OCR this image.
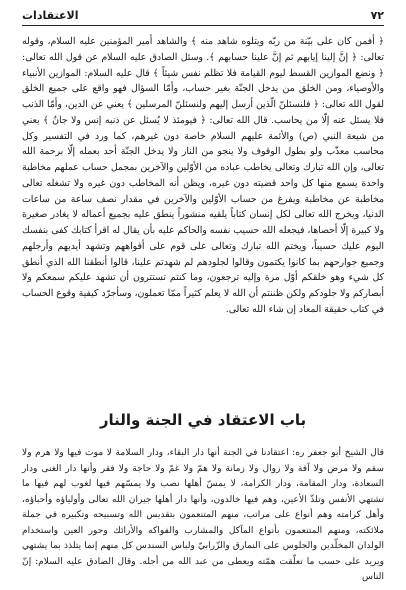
٧٢
الاعتقادات

﴿ أفمن كان على بيّنة من ربّه ويتلوه شاهد منه ﴾ والشاهد أمير المؤمنين عليه السلام، وقوله تعالى: ﴿ إنَّ إلينا إيابهم ثم إنَّ علينا حسابهم ﴾. وسئل الصادق عليه السلام عن قول الله تعالى: ﴿ ونضع الموازين القسط ليوم القيامة فلا تظلم نفس شيئاً ﴾ قال عليه السلام: الموازين الأنبياء والأوصياء، ومن الخلق من يدخل الجنّة بغير حساب، وأمّا السؤال فهو واقع على جميع الخلق لقول الله تعالى: ﴿ فلنسئلنّ الّذين أرسل إليهم ولنسئلنّ المرسلين ﴾ يعني عن الدين، وأمّا الذنب فلا يسئل عنه إلّا من يحاسب. قال الله تعالى: ﴿ فيومئذ لا يُسئل عن ذنبه إنس ولا جانٌ ﴾ يعني من شيعة النبي (ص) والأئمة عليهم السلام خاصة دون غيرهم، كما ورد في التفسير وكل محاسب معذّب ولو بطول الوقوف ولا ينجو من النار ولا يدخل الجنّة أحد بعمله إلّا برحمة الله تعالى، وإن الله تبارك وتعالى يخاطب عباده من الأوّلين والآخرين بمجمل حساب عملهم مخاطبة واحدة يسمع منها كل واحد قضيته دون غيره، ويظن أنه المخاطب دون غيره ولا تشغله تعالى مخاطبة عن مخاطبة ويفرغ من حساب الأوّلين والآخرين في مقدار نصف ساعة من ساعات الدنيا، ويخرج الله تعالى لكل إنسان كتاباً يلقيه منشوراً ينطق عليه بجميع أعماله لا يغادر صغيرة ولا كبيرة إلّا أحصاها، فيجعله الله حسيب نفسه والحاكم عليه بأن يقال له اقرأ كتابك كفى بنفسك اليوم عليك حسيباً، ويختم الله تبارك وتعالى على قوم على أفواههم وتشهد أيديهم وأرجلهم وجميع جوارحهم بما كانوا يكتمون وقالوا لجلودهم لم شهدتم علينا، قالوا أنطقنا الله الذي أنطق كل شيء وهو خلقكم أوّل مرة وإليه ترجعون، وما كنتم تستترون أن تشهد عليكم سمعكم ولا أبصاركم ولا جلودكم ولكن ظننتم أن الله لا يعلم كثيراً ممّا تعملون، وسأجرّد كيفية وقوع الحساب في كتاب حقيقة المعاد إن شاء الله تعالى.

باب الاعتقاد في الجنة والنار

قال الشيخ أبو جعفر ره: اعتقادنا في الجنة أنها دار البقاء، ودار السلامة لا موت فيها ولا هرم ولا سقم ولا مرض ولا آفة ولا زوال ولا زمانة ولا همّ ولا غمّ ولا حاجة ولا فقر وأنها دار الغنى ودار السعادة، ودار المقامة، ودار الكرامة، لا يمسّ أهلها نصب ولا يمسّهم فيها لغوب لهم فيها ما تشتهي الأنفس وتلذّ الأعين، وهم فيها خالدون، وأنها دار أهلها جيران الله تعالى وأولياؤه وأحباؤه، وأهل كرامته وهم أنواع على مراتب، منهم المتنعمون بتقديس الله وتسبيحه وتكبيره في جملة ملائكته، ومنهم المتنعمون بأنواع المآكل والمشارب والفواكه والأرائك وحور العين واستخدام الولدان المخلّدين والجلوس على النمارق والزّرابيّ ولباس السندس كل منهم إنما يتلذذ بما يشتهي ويريد على حسب ما تعلّقت همّته ويعطى من عبد الله من أجله. وقال الصادق عليه السلام: إنّ الناس
